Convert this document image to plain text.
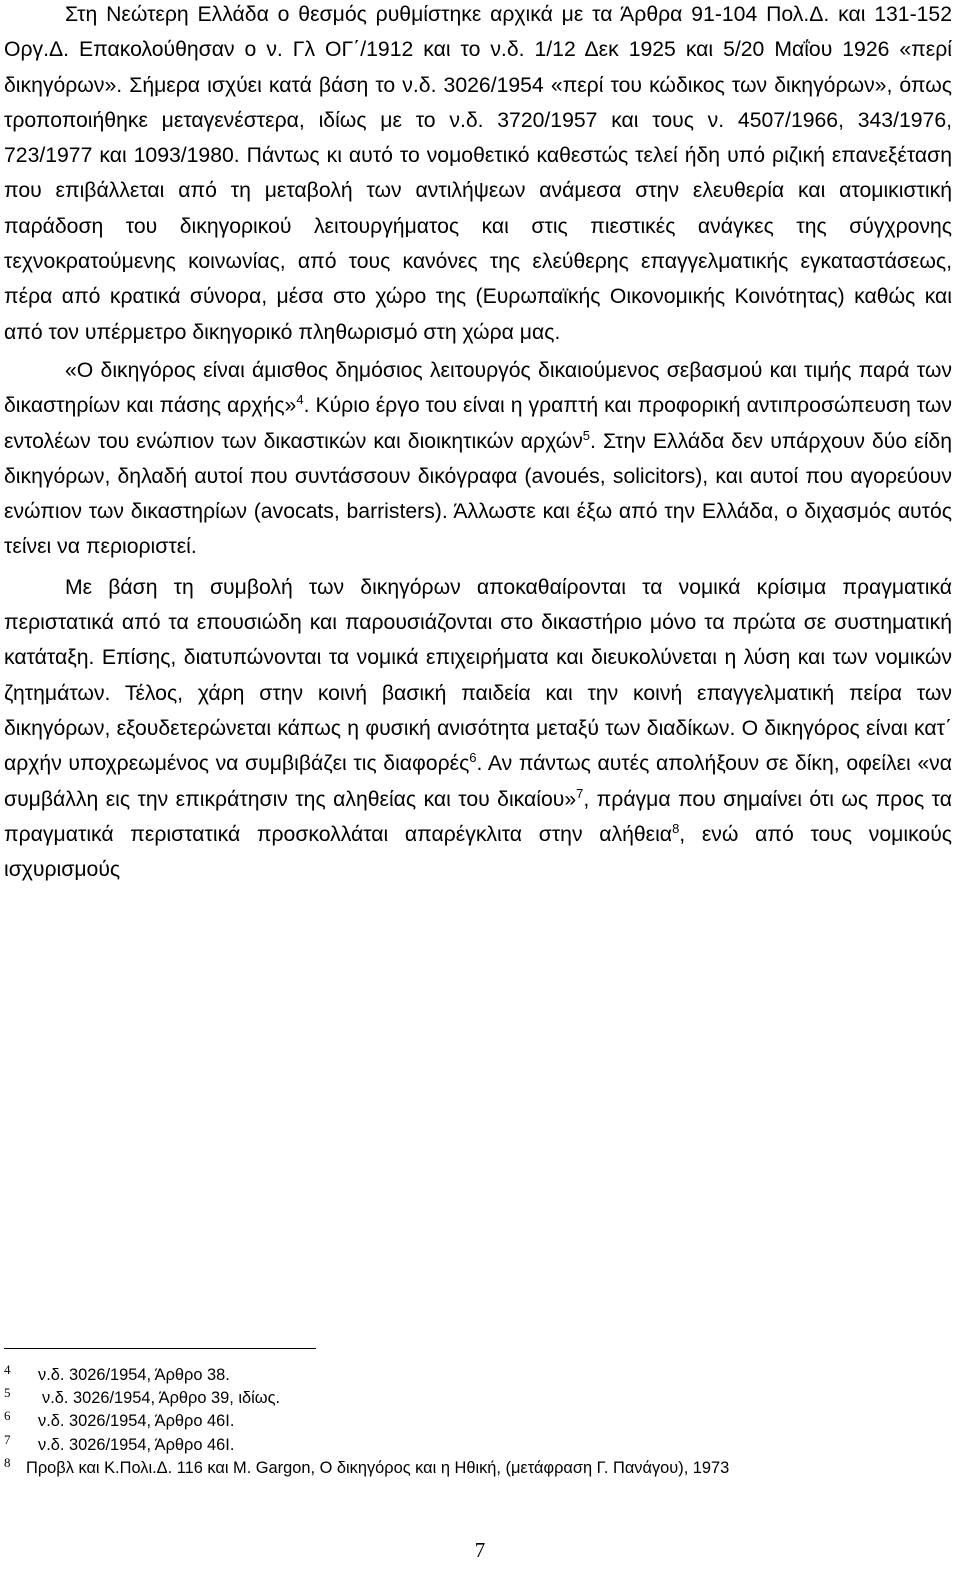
Στη Νεώτερη Ελλάδα ο θεσμός ρυθμίστηκε αρχικά με τα Άρθρα 91-104 Πολ.Δ. και 131-152 Οργ.Δ. Επακολούθησαν ο ν. Γλ ΟΓ΄/1912 και το ν.δ. 1/12 Δεκ 1925 και 5/20 Μαΐου 1926 «περί δικηγόρων». Σήμερα ισχύει κατά βάση το ν.δ. 3026/1954 «περί του κώδικος των δικηγόρων», όπως τροποποιήθηκε μεταγενέστερα, ιδίως με το ν.δ. 3720/1957 και τους ν. 4507/1966, 343/1976, 723/1977 και 1093/1980. Πάντως κι αυτό το νομοθετικό καθεστώς τελεί ήδη υπό ριζική επανεξέταση που επιβάλλεται από τη μεταβολή των αντιλήψεων ανάμεσα στην ελευθερία και ατομικιστική παράδοση του δικηγορικού λειτουργήματος και στις πιεστικές ανάγκες της σύγχρονης τεχνοκρατούμενης κοινωνίας, από τους κανόνες της ελεύθερης επαγγελματικής εγκαταστάσεως, πέρα από κρατικά σύνορα, μέσα στο χώρο της (Ευρωπαϊκής Οικονομικής Κοινότητας) καθώς και από τον υπέρμετρο δικηγορικό πληθωρισμό στη χώρα μας.

«Ο δικηγόρος είναι άμισθος δημόσιος λειτουργός δικαιούμενος σεβασμού και τιμής παρά των δικαστηρίων και πάσης αρχής»$^4$. Κύριο έργο του είναι η γραπτή και προφορική αντιπροσώπευση των εντολέων του ενώπιον των δικαστικών και διοικητικών αρχών$^5$. Στην Ελλάδα δεν υπάρχουν δύο είδη δικηγόρων, δηλαδή αυτοί που συντάσσουν δικόγραφα (avoués, solicitors), και αυτοί που αγορεύουν ενώπιον των δικαστηρίων (avocats, barristers). Άλλωστε και έξω από την Ελλάδα, ο διχασμός αυτός τείνει να περιοριστεί.

Με βάση τη συμβολή των δικηγόρων αποκαθαίρονται τα νομικά κρίσιμα πραγματικά περιστατικά από τα επουσιώδη και παρουσιάζονται στο δικαστήριο μόνο τα πρώτα σε συστηματική κατάταξη. Επίσης, διατυπώνονται τα νομικά επιχειρήματα και διευκολύνεται η λύση και των νομικών ζητημάτων. Τέλος, χάρη στην κοινή βασική παιδεία και την κοινή επαγγελματική πείρα των δικηγόρων, εξουδετερώνεται κάπως η φυσική ανισότητα μεταξύ των διαδίκων. Ο δικηγόρος είναι κατ΄ αρχήν υποχρεωμένος να συμβιβάζει τις διαφορές$^6$. Αν πάντως αυτές απολήξουν σε δίκη, οφείλει «να συμβάλλη εις την επικράτησιν της αληθείας και του δικαίου»$^7$, πράγμα που σημαίνει ότι ως προς τα πραγματικά περιστατικά προσκολλάται απαρέγκλιτα στην αλήθεια$^8$, ενώ από τους νομικούς ισχυρισμούς

4 ν.δ. 3026/1954, Άρθρο 38.

5 ν.δ. 3026/1954, Άρθρο 39, ιδίως.

6 ν.δ. 3026/1954, Άρθρο 46Ι.

7 ν.δ. 3026/1954, Άρθρο 46Ι.

8 Προβλ και Κ.Πολι.Δ. 116 και M. Gargon, Ο δικηγόρος και η Ηθική, (μετάφραση Γ. Πανάγου), 1973

7
